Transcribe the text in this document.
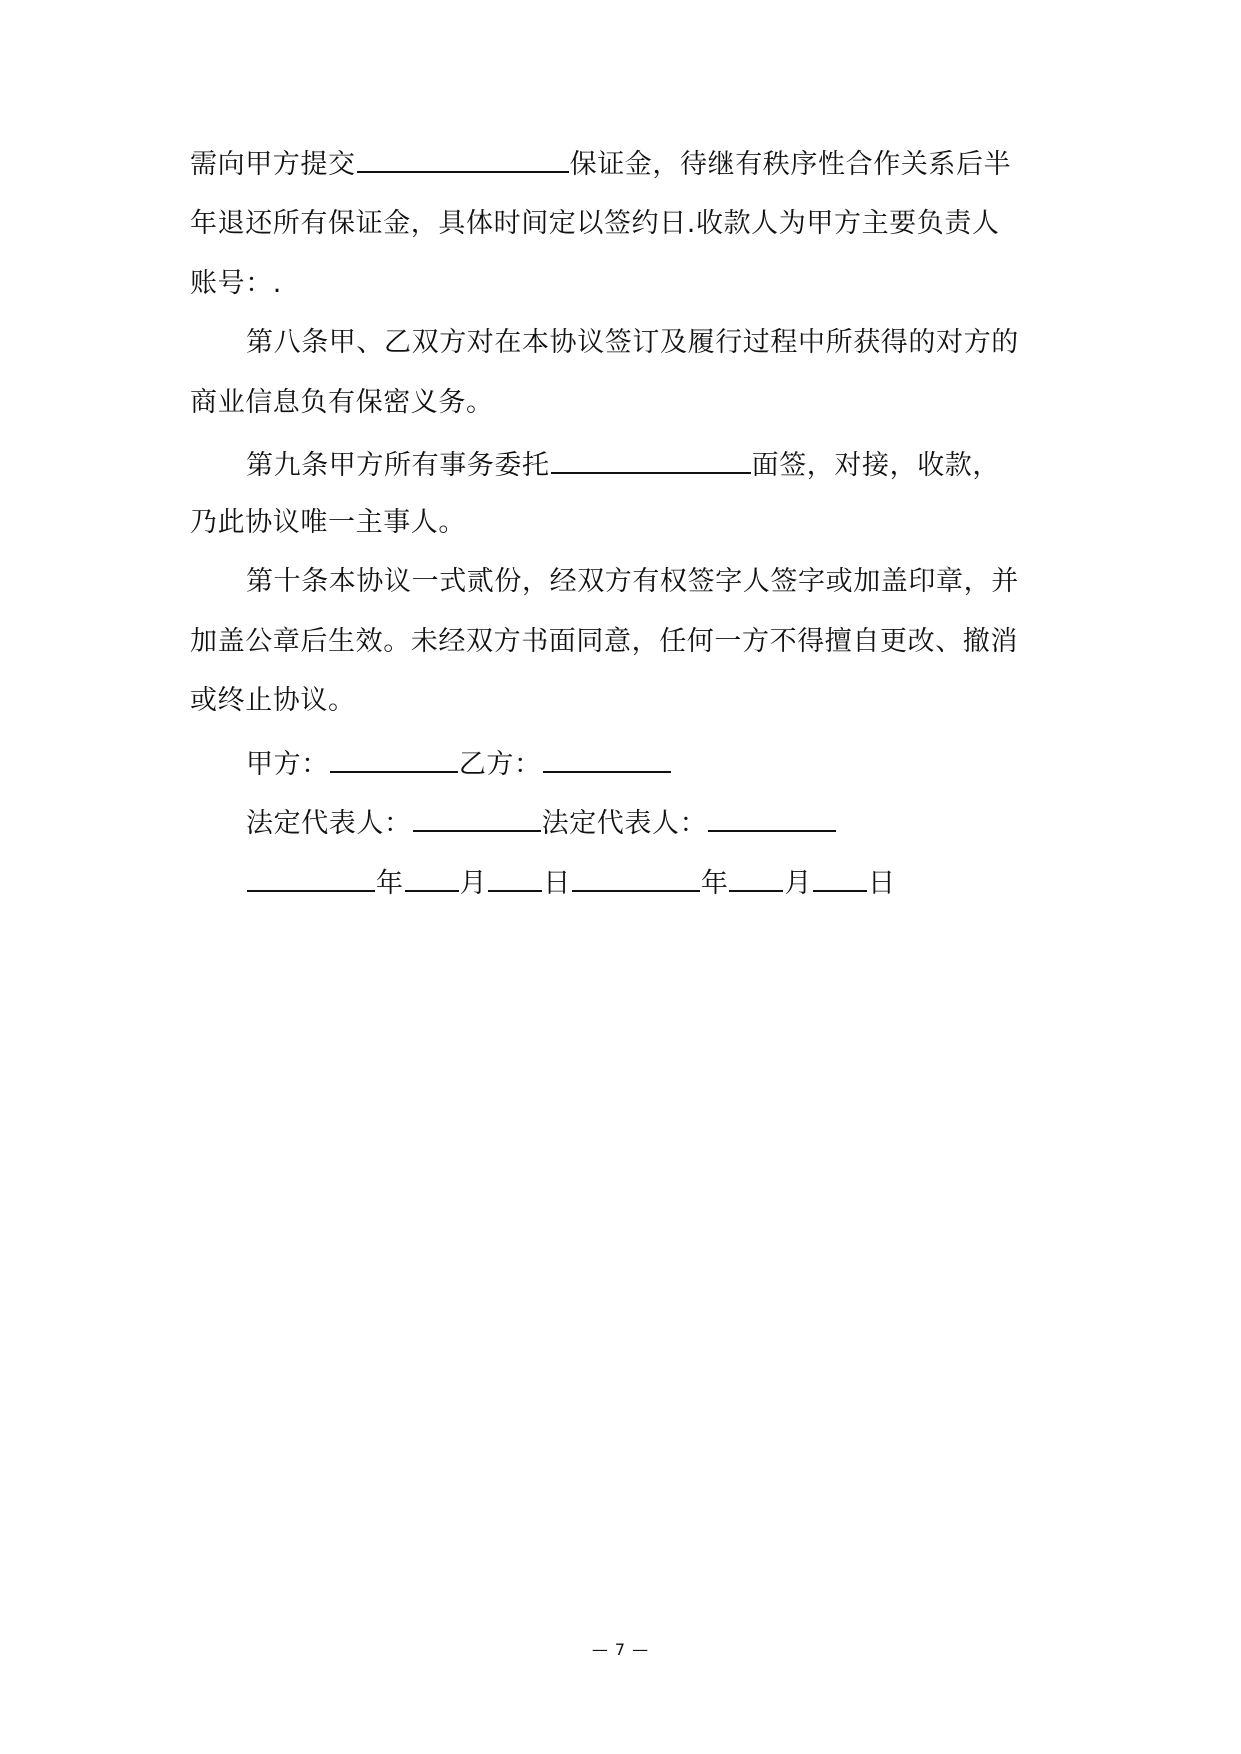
需向甲方提交	保证金，待继有秩序性合作关系后半
年退还所有保证金，具体时间定以签约日.收款人为甲方主要负责人
账号：.
第八条甲、乙双方对在本协议签订及履行过程中所获得的对方的
商业信息负有保密义务。
第九条甲方所有事务委托	面签，对接，收款，
乃此协议唯一主事人。
第十条本协议一式贰份，经双方有权签字人签字或加盖印章，并
加盖公章后生效。未经双方书面同意，任何一方不得擅自更改、撤消
或终止协议。
甲方：	乙方：
法定代表人：	法定代表人：
年 月 日	年 月 日
— 7 —
